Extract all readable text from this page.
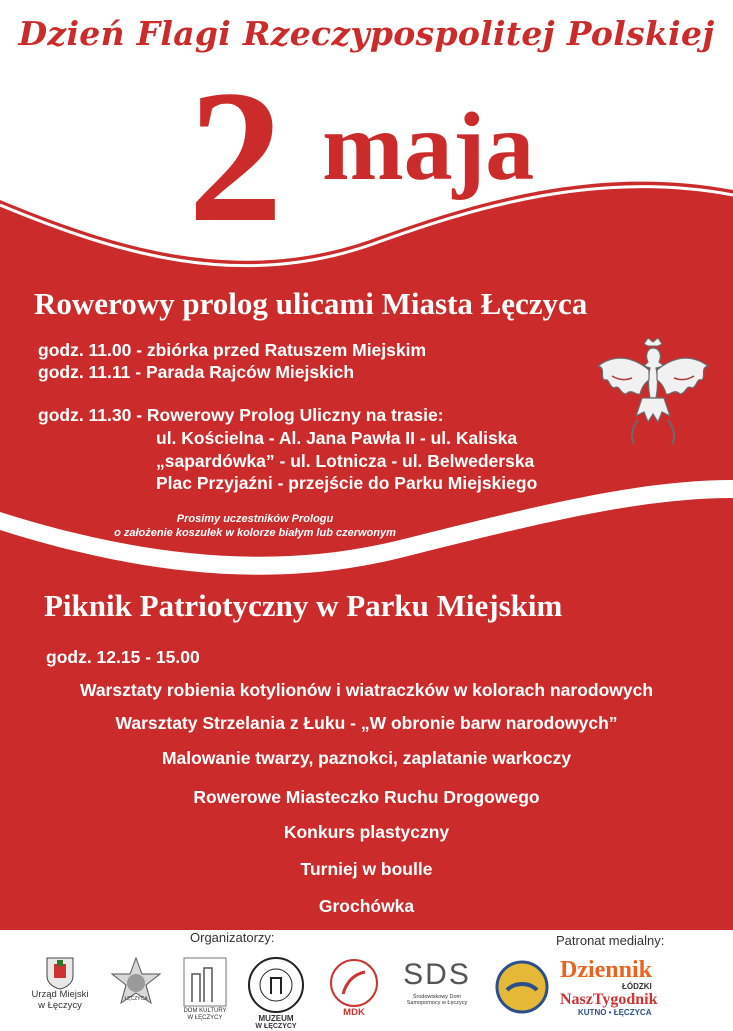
Dzień Flagi Rzeczypospolitej Polskiej
2 maja
Rowerowy prolog ulicami Miasta Łęczyca
godz. 11.00 - zbiórka przed Ratuszem Miejskim
godz. 11.11 - Parada Rajców Miejskich
godz. 11.30 - Rowerowy Prolog Uliczny na trasie:
ul. Kościelna - Al. Jana Pawła II - ul. Kaliska
„sapardówka” - ul. Lotnicza - ul. Belwederska
Plac Przyjaźni - przejście do Parku Miejskiego
Prosimy uczestników Prologu
o założenie koszulek w kolorze białym lub czerwonym
Piknik Patriotyczny w Parku Miejskim
godz. 12.15 - 15.00
Warsztaty robienia kotylionów i wiatraczków w kolorach narodowych
Warsztaty Strzelania z Łuku - „W obronie barw narodowych”
Malowanie twarzy, paznokci, zaplatanie warkoczy
Rowerowe Miasteczko Ruchu Drogowego
Konkurs plastyczny
Turniej w boulle
Grochówka
Organizatorzy:	Patronat medialny:
Urząd Miejski
w Łęczycy
ŁĘCZYCA
DOM KULTURY W ŁĘCZYCY	MUZEUM
W ŁĘCZYCY
MDK
SDS
Środowiskowy Dom Samopomocy w Łęczycy
Dziennik
ŁÓDZKI
NaszTygodnik
KUTNO • ŁĘCZYCA
